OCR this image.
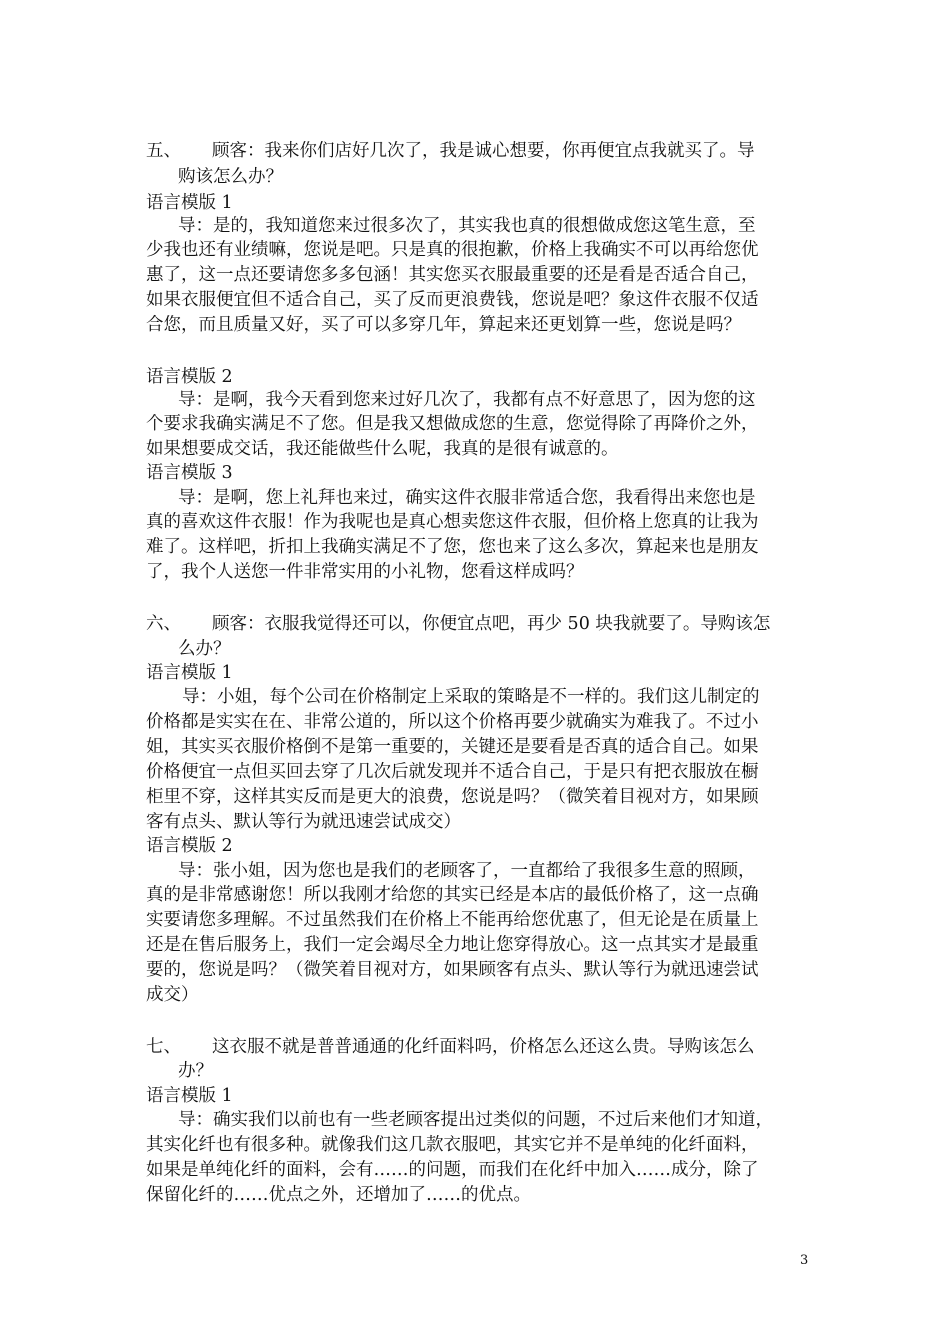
五、 顾客：我来你们店好几次了，我是诚心想要，你再便宜点我就买了。导
购该怎么办？
语言模版 1
导：是的，我知道您来过很多次了，其实我也真的很想做成您这笔生意，至
少我也还有业绩嘛，您说是吧。只是真的很抱歉，价格上我确实不可以再给您优
惠了，这一点还要请您多多包涵！其实您买衣服最重要的还是看是否适合自己，
如果衣服便宜但不适合自己，买了反而更浪费钱，您说是吧？象这件衣服不仅适
合您，而且质量又好，买了可以多穿几年，算起来还更划算一些，您说是吗？
语言模版 2
导：是啊，我今天看到您来过好几次了，我都有点不好意思了，因为您的这
个要求我确实满足不了您。但是我又想做成您的生意，您觉得除了再降价之外，
如果想要成交话，我还能做些什么呢，我真的是很有诚意的。
语言模版 3
导：是啊，您上礼拜也来过，确实这件衣服非常适合您，我看得出来您也是
真的喜欢这件衣服！作为我呢也是真心想卖您这件衣服，但价格上您真的让我为
难了。这样吧，折扣上我确实满足不了您，您也来了这么多次，算起来也是朋友
了，我个人送您一件非常实用的小礼物，您看这样成吗？
六、 顾客：衣服我觉得还可以，你便宜点吧，再少 50 块我就要了。导购该怎
么办？
语言模版 1
导：小姐，每个公司在价格制定上采取的策略是不一样的。我们这儿制定的
价格都是实实在在、非常公道的，所以这个价格再要少就确实为难我了。不过小
姐，其实买衣服价格倒不是第一重要的，关键还是要看是否真的适合自己。如果
价格便宜一点但买回去穿了几次后就发现并不适合自己，于是只有把衣服放在橱
柜里不穿，这样其实反而是更大的浪费，您说是吗？（微笑着目视对方，如果顾
客有点头、默认等行为就迅速尝试成交）
语言模版 2
导：张小姐，因为您也是我们的老顾客了，一直都给了我很多生意的照顾，
真的是非常感谢您！所以我刚才给您的其实已经是本店的最低价格了，这一点确
实要请您多理解。不过虽然我们在价格上不能再给您优惠了，但无论是在质量上
还是在售后服务上，我们一定会竭尽全力地让您穿得放心。这一点其实才是最重
要的，您说是吗？（微笑着目视对方，如果顾客有点头、默认等行为就迅速尝试
成交）
七、 这衣服不就是普普通通的化纤面料吗，价格怎么还这么贵。导购该怎么
办？
语言模版 1
导：确实我们以前也有一些老顾客提出过类似的问题，不过后来他们才知道，
其实化纤也有很多种。就像我们这几款衣服吧，其实它并不是单纯的化纤面料，
如果是单纯化纤的面料，会有……的问题，而我们在化纤中加入……成分，除了
保留化纤的……优点之外，还增加了……的优点。
3
